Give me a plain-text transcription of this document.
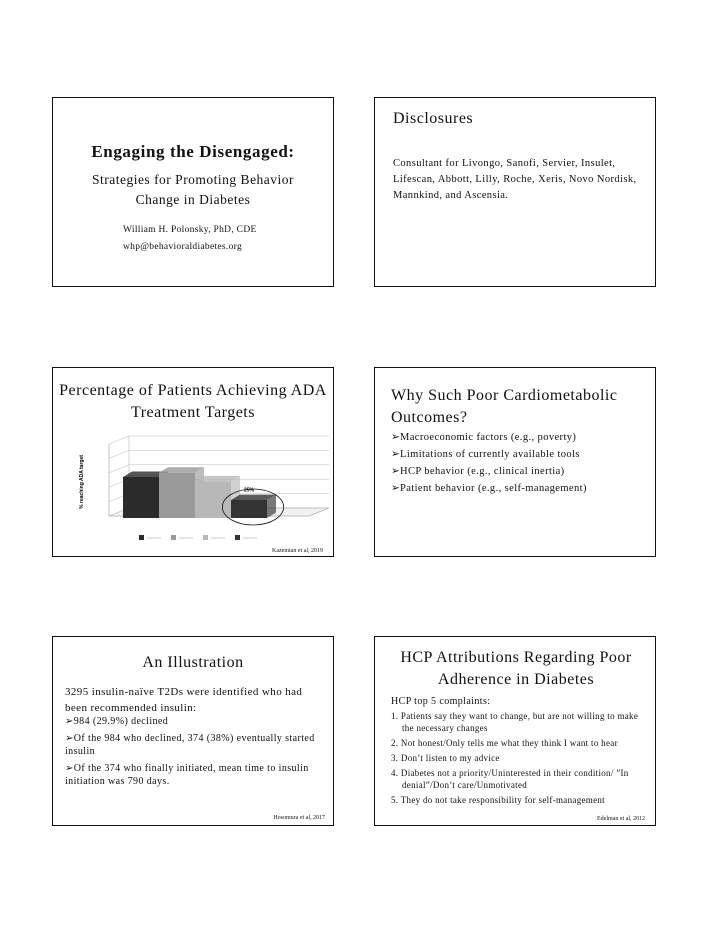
Engaging the Disengaged:
Strategies for Promoting Behavior Change in Diabetes
William H. Polonsky, PhD, CDE
whp@behavioraldiabetes.org
Disclosures
Consultant for Livongo, Sanofi, Servier, Insulet, Lifescan, Abbott, Lilly, Roche, Xeris, Novo Nordisk, Mannkind, and Ascensia.
Percentage of Patients Achieving ADA Treatment Targets
% reaching ADA target	25%
Kazemian et al, 2019
Why Such Poor Cardiometabolic Outcomes?
➢Macroeconomic factors (e.g., poverty)
➢Limitations of currently available tools
➢HCP behavior (e.g., clinical inertia)
➢Patient behavior (e.g., self-management)
An Illustration
3295 insulin-naïve T2Ds were identified who had been recommended insulin:
➢984 (29.9%) declined
➢Of the 984 who declined, 374 (38%) eventually started insulin
➢Of the 374 who finally initiated, mean time to insulin initiation was 790 days.
Hosomura et al, 2017
HCP Attributions Regarding Poor Adherence in Diabetes
HCP top 5 complaints:
1. Patients say they want to change, but are not willing to make the necessary changes
2. Not honest/Only tells me what they think I want to hear
3. Don’t listen to my advice
4. Diabetes not a priority/Uninterested in their condition/ ”In denial”/Don’t care/Unmotivated
5. They do not take responsibility for self-management
Edelman et al, 2012
